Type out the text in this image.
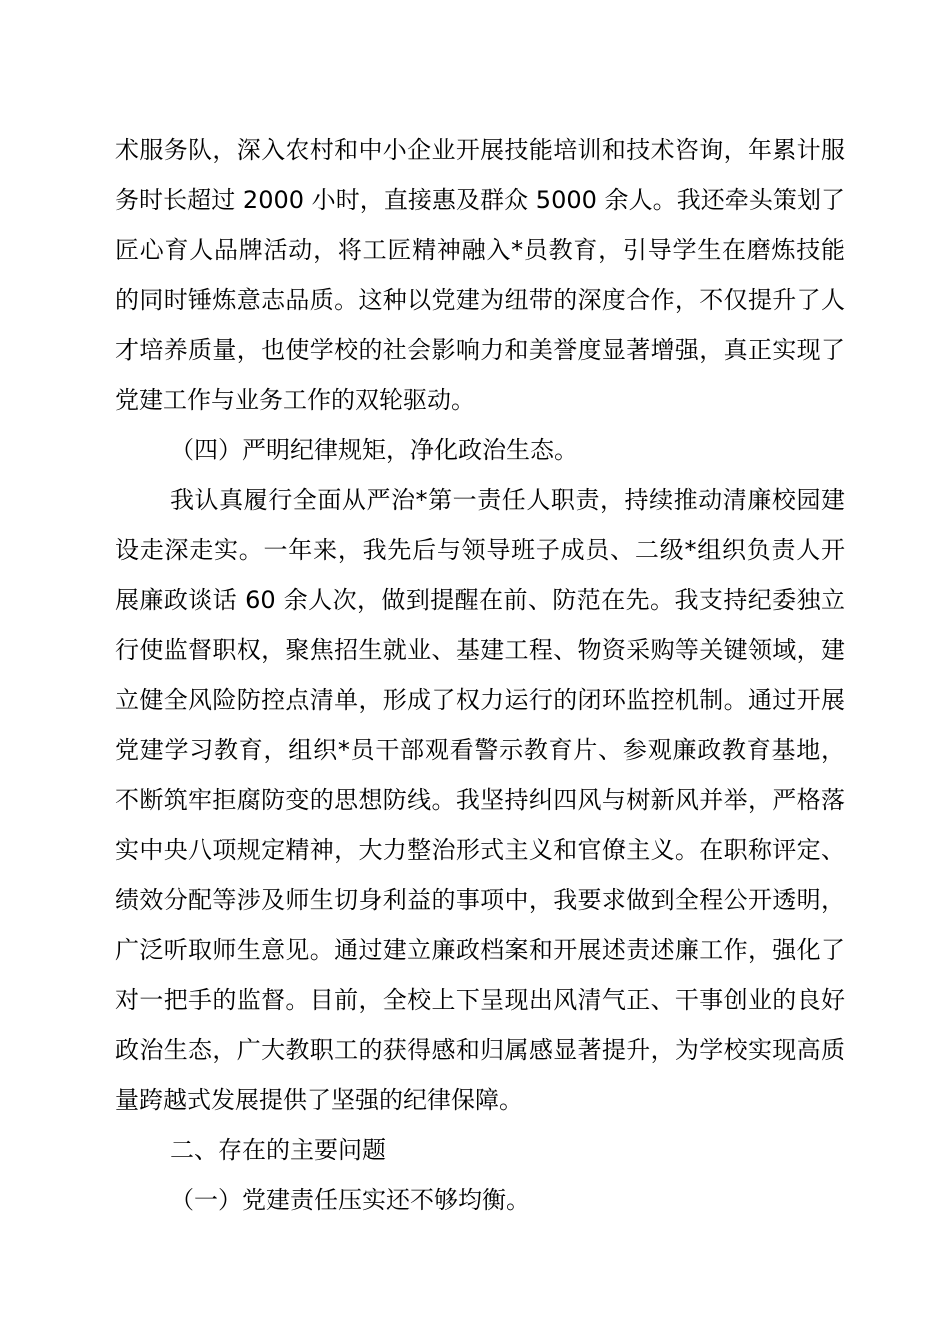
术服务队，深入农村和中小企业开展技能培训和技术咨询，年累计服
务时长超过 2000 小时，直接惠及群众 5000 余人。我还牵头策划了
匠心育人品牌活动，将工匠精神融入*员教育，引导学生在磨炼技能
的同时锤炼意志品质。这种以党建为纽带的深度合作，不仅提升了人
才培养质量，也使学校的社会影响力和美誉度显著增强，真正实现了
党建工作与业务工作的双轮驱动。
（四）严明纪律规矩，净化政治生态。
我认真履行全面从严治*第一责任人职责，持续推动清廉校园建
设走深走实。一年来，我先后与领导班子成员、二级*组织负责人开
展廉政谈话 60 余人次，做到提醒在前、防范在先。我支持纪委独立
行使监督职权，聚焦招生就业、基建工程、物资采购等关键领域，建
立健全风险防控点清单，形成了权力运行的闭环监控机制。通过开展
党建学习教育，组织*员干部观看警示教育片、参观廉政教育基地，
不断筑牢拒腐防变的思想防线。我坚持纠四风与树新风并举，严格落
实中央八项规定精神，大力整治形式主义和官僚主义。在职称评定、
绩效分配等涉及师生切身利益的事项中，我要求做到全程公开透明，
广泛听取师生意见。通过建立廉政档案和开展述责述廉工作，强化了
对一把手的监督。目前，全校上下呈现出风清气正、干事创业的良好
政治生态，广大教职工的获得感和归属感显著提升，为学校实现高质
量跨越式发展提供了坚强的纪律保障。
二、存在的主要问题
（一）党建责任压实还不够均衡。
